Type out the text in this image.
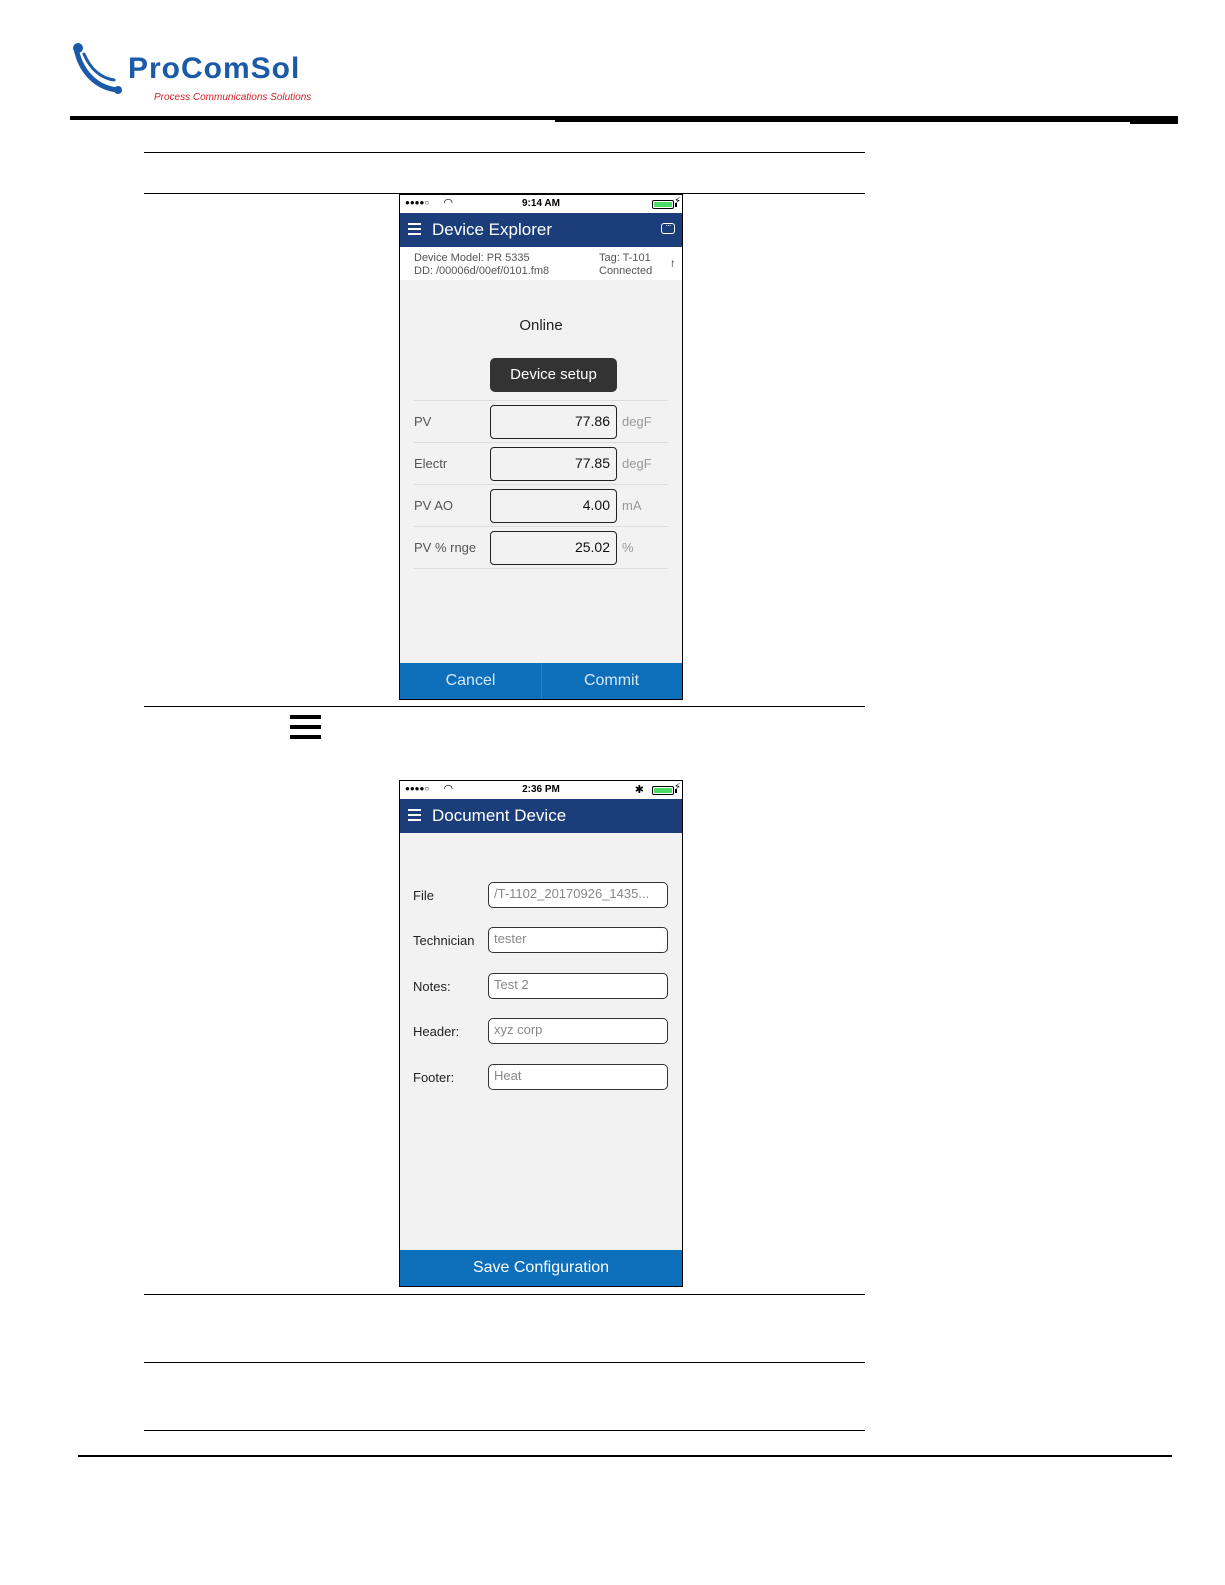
ProComSol
Process Communications Solutions
●●●●○ ◠	9:14 AM	⚡
Device Explorer	···
Device Model: PR 5335
DD: /00006d/00ef/0101.fm8
Tag: T-101
Connected
↾
Online
Device setup
PV	77.86 degF
Electr	77.85 degF
PV AO	4.00 mA
PV % rnge	25.02 %
Cancel	Commit
●●●●○ ◠	2:36 PM	✱	⚡
Document Device
File	/T-1102_20170926_1435...
Technician	tester
Notes:	Test 2
Header:	xyz corp
Footer:	Heat
Save Configuration
